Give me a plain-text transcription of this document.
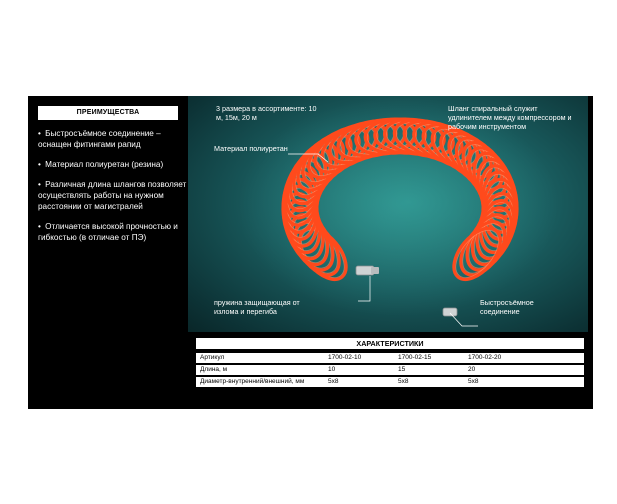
ПРЕИМУЩЕСТВА
• Быстросъёмное соединение – оснащен фитингами рапид
• Материал полиуретан (резина)
• Различная длина шлангов позволяет осуществлять работы на нужном расстоянии от магистралей
• Отличается высокой прочностью и гибкостью (в отличае от ПЭ)
3 размера в ассортименте: 10 м, 15м, 20 м
Материал полиуретан
Шланг спиральный служит удлинителем между компрессором и рабочим инструментом
пружина защищающая от излома и перегиба
Быстросъёмное соединение
ХАРАКТЕРИСТИКИ
Артикул	1700-02-10	1700-02-15	1700-02-20
Длина, м	10	15	20
Диаметр-внутренний/внешний, мм	5x8	5x8	5x8
